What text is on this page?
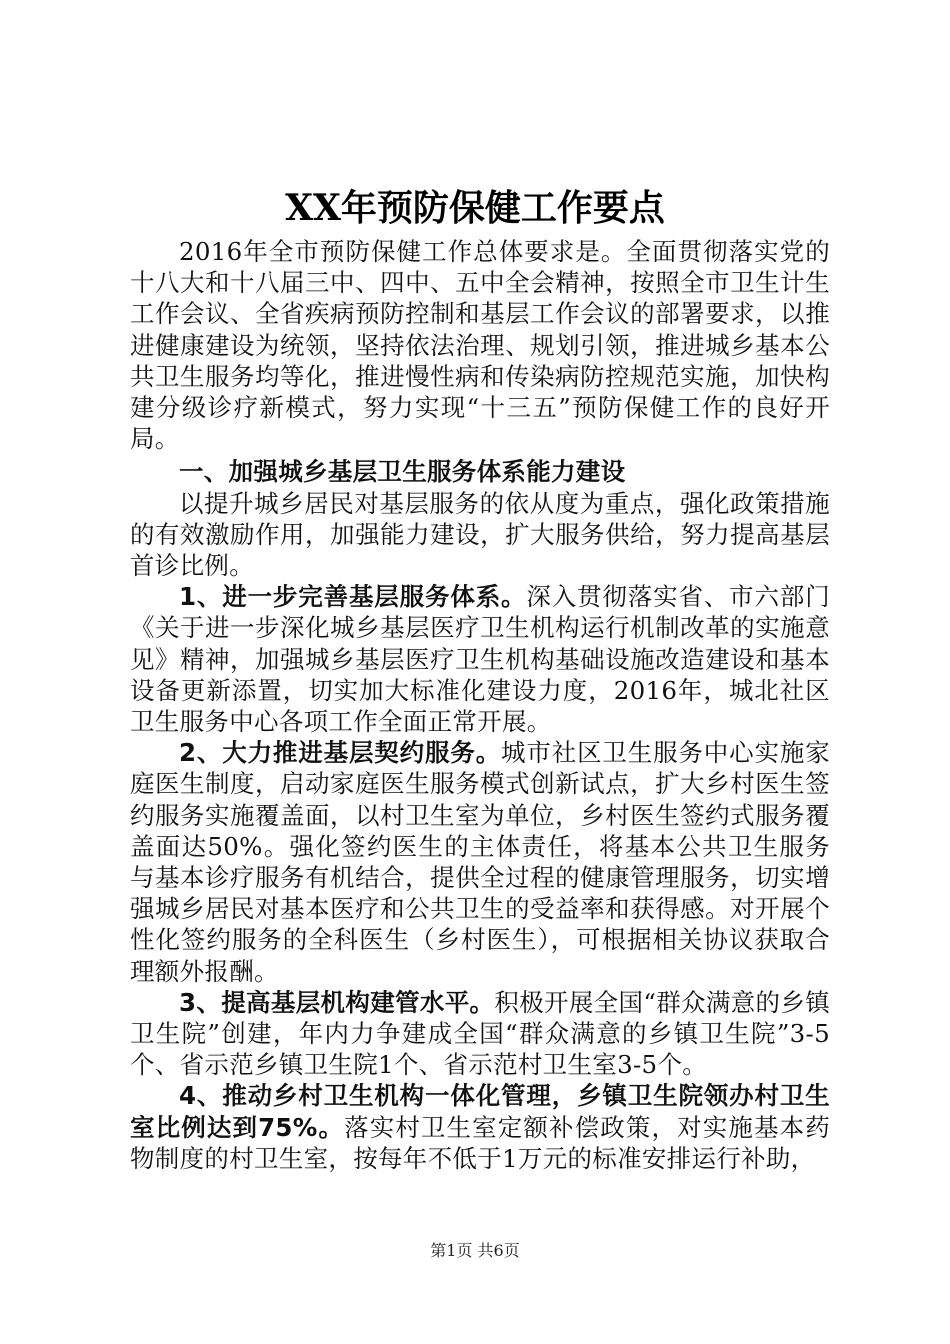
XX年预防保健工作要点

2016年全市预防保健工作总体要求是。全面贯彻落实党的十八大和十八届三中、四中、五中全会精神，按照全市卫生计生工作会议、全省疾病预防控制和基层工作会议的部署要求，以推进健康建设为统领，坚持依法治理、规划引领，推进城乡基本公共卫生服务均等化，推进慢性病和传染病防控规范实施，加快构建分级诊疗新模式，努力实现“十三五”预防保健工作的良好开局。

一、加强城乡基层卫生服务体系能力建设

以提升城乡居民对基层服务的依从度为重点，强化政策措施的有效激励作用，加强能力建设，扩大服务供给，努力提高基层首诊比例。

1、进一步完善基层服务体系。深入贯彻落实省、市六部门《关于进一步深化城乡基层医疗卫生机构运行机制改革的实施意见》精神，加强城乡基层医疗卫生机构基础设施改造建设和基本设备更新添置，切实加大标准化建设力度，2016年，城北社区卫生服务中心各项工作全面正常开展。

2、大力推进基层契约服务。城市社区卫生服务中心实施家庭医生制度，启动家庭医生服务模式创新试点，扩大乡村医生签约服务实施覆盖面，以村卫生室为单位，乡村医生签约式服务覆盖面达50%。强化签约医生的主体责任，将基本公共卫生服务与基本诊疗服务有机结合，提供全过程的健康管理服务，切实增强城乡居民对基本医疗和公共卫生的受益率和获得感。对开展个性化签约服务的全科医生（乡村医生），可根据相关协议获取合理额外报酬。

3、提高基层机构建管水平。积极开展全国“群众满意的乡镇卫生院”创建，年内力争建成全国“群众满意的乡镇卫生院”3-5个、省示范乡镇卫生院1个、省示范村卫生室3-5个。

4、推动乡村卫生机构一体化管理，乡镇卫生院领办村卫生室比例达到75%。落实村卫生室定额补偿政策，对实施基本药物制度的村卫生室，按每年不低于1万元的标准安排运行补助，

第1页 共6页
